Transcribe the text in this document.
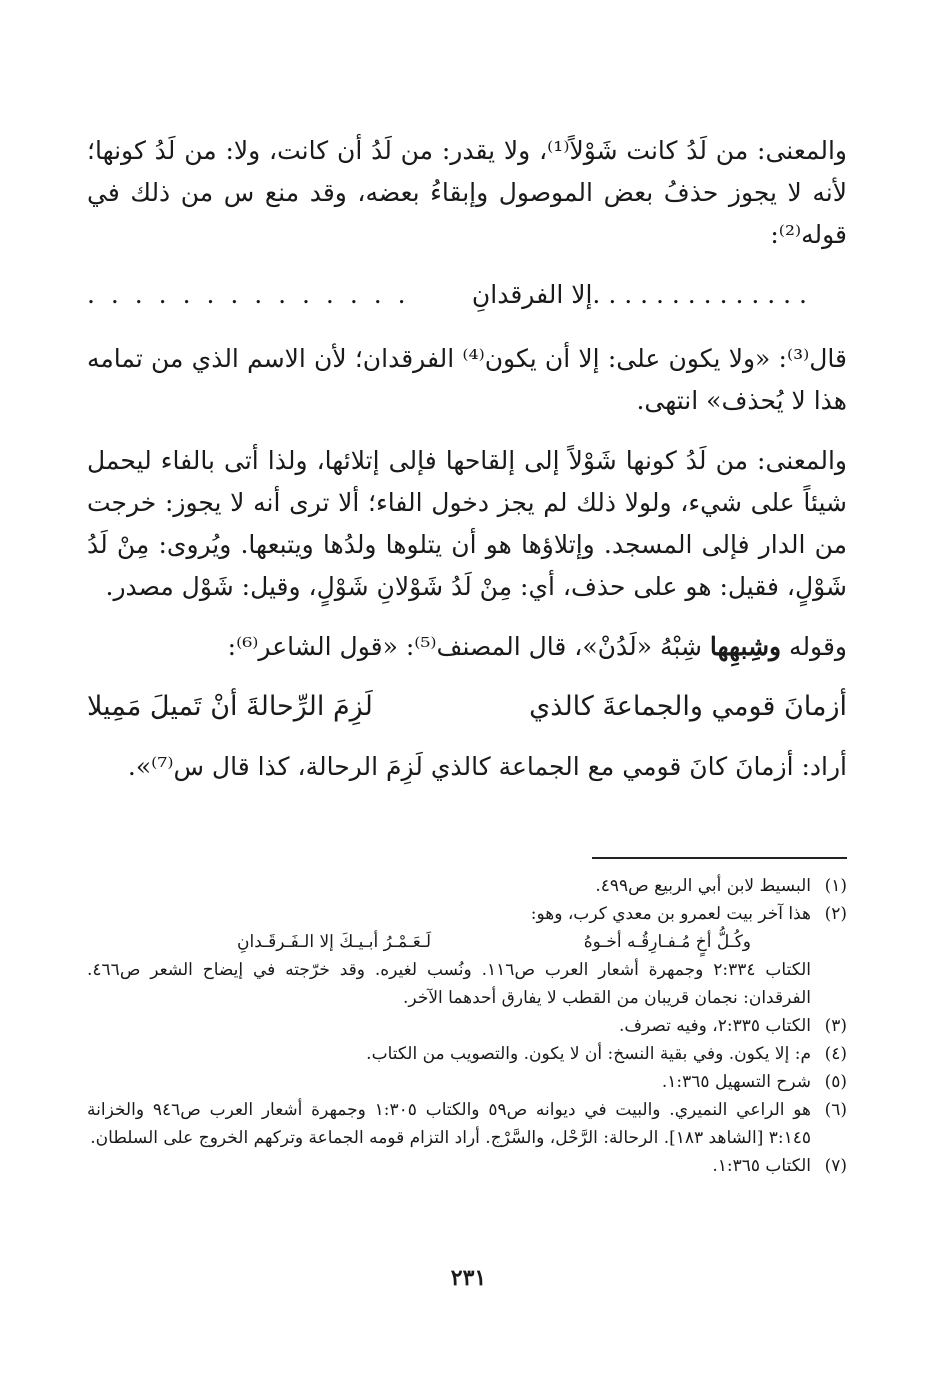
والمعنى: من لَدُ كانت شَوْلاً⁽¹⁾، ولا يقدر: من لَدُ أن كانت، ولا: من لَدُ كونها؛ لأنه لا يجوز حذفُ بعض الموصول وإبقاءُ بعضه، وقد منع س من ذلك في قوله⁽²⁾:

. . . . . . . . . . . . . .إلا الفرقدانِ
. . . . . . . . . . . . . .

قال⁽³⁾: «ولا يكون على: إلا أن يكون⁽⁴⁾ الفرقدان؛ لأن الاسم الذي من تمامه هذا لا يُحذف» انتهى.

والمعنى: من لَدُ كونها شَوْلاً إلى إلقاحها فإلى إتلائها، ولذا أتى بالفاء ليحمل شيئاً على شيء، ولولا ذلك لم يجز دخول الفاء؛ ألا ترى أنه لا يجوز: خرجت من الدار فإلى المسجد. وإتلاؤها هو أن يتلوها ولدُها ويتبعها. ويُروى: مِنْ لَدُ شَوْلٍ، فقيل: هو على حذف، أي: مِنْ لَدُ شَوْلانِ شَوْلٍ، وقيل: شَوْل مصدر.

وقوله وشِبهِها شِبْهُ «لَدُنْ»، قال المصنف⁽⁵⁾: «قول الشاعر⁽⁶⁾:

أزمانَ قومي والجماعةَ كالذي
لَزِمَ الرِّحالةَ أنْ تَميلَ مَمِيلا

أراد: أزمانَ كانَ قومي مع الجماعة كالذي لَزِمَ الرحالة، كذا قال س⁽⁷⁾».

(١)
البسيط لابن أبي الربيع ص٤٩٩.
(٢)
هذا آخر بيت لعمرو بن معدي كرب، وهو:
وكُـلُّ أخٍ مُـفـارِقُـه أخـوهُ
لَـعَـمْـرُ أبـيـكَ إلا الـفَـرقَـدانِ
الكتاب ٢:٣٣٤ وجمهرة أشعار العرب ص١١٦. ونُسب لغيره. وقد خرّجته في إيضاح الشعر ص٤٦٦. الفرقدان: نجمان قريبان من القطب لا يفارق أحدهما الآخر.
(٣)
الكتاب ٢:٣٣٥، وفيه تصرف.
(٤)
م: إلا يكون. وفي بقية النسخ: أن لا يكون. والتصويب من الكتاب.
(٥)
شرح التسهيل ١:٣٦٥.
(٦)
هو الراعي النميري. والبيت في ديوانه ص٥٩ والكتاب ١:٣٠٥ وجمهرة أشعار العرب ص٩٤٦ والخزانة ٣:١٤٥ [الشاهد ١٨٣]. الرحالة: الرَّحْل، والسَّرْج. أراد التزام قومه الجماعة وتركهم الخروج على السلطان.
(٧)
الكتاب ١:٣٦٥.
٢٣١
